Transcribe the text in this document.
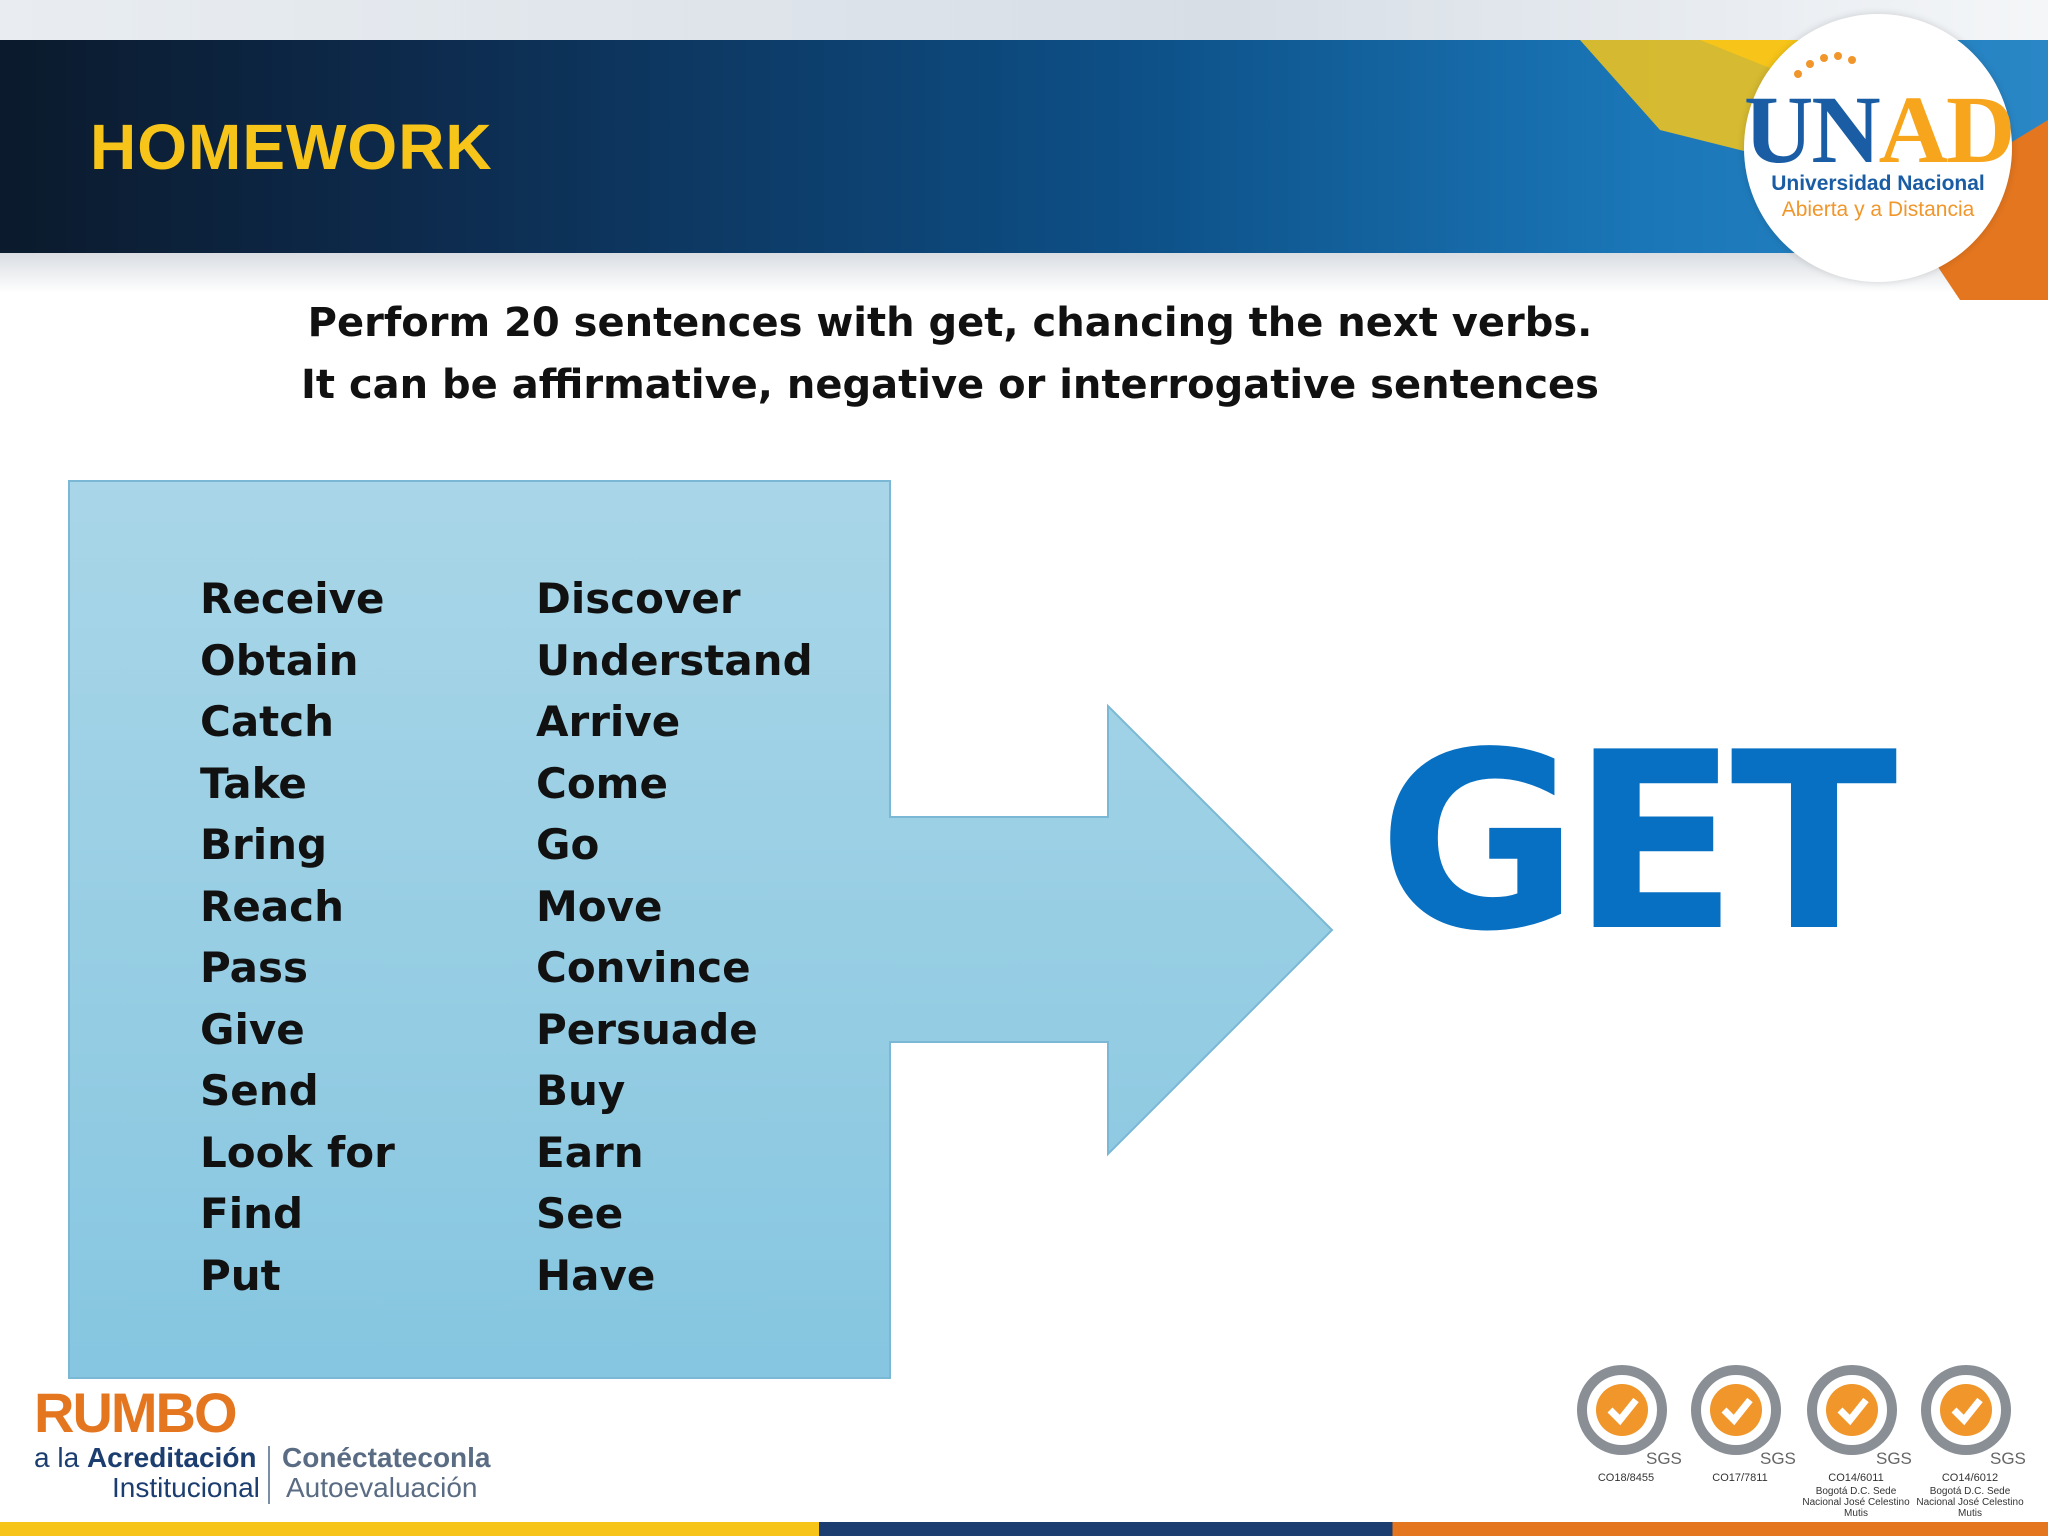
HOMEWORK	UNAD
Universidad Nacional
Abierta y a Distancia
Perform 20 sentences with get, chancing the next verbs.
It can be affirmative, negative or interrogative sentences
Receive
Obtain
Catch
Take
Bring
Reach
Pass
Give
Send
Look for
Find
Put
Discover
Understand
Arrive
Come
Go
Move
Convince
Persuade
Buy
Earn
See
Have
GET
RUMBO
a la Acreditación
Institucional
Conéctateconla
Autoevaluación
SGS
CO18/8455
SGS
CO17/7811
SGS
CO14/6011
Bogotá D.C. Sede Nacional José Celestino Mutis
SGS
CO14/6012
Bogotá D.C. Sede Nacional José Celestino Mutis
